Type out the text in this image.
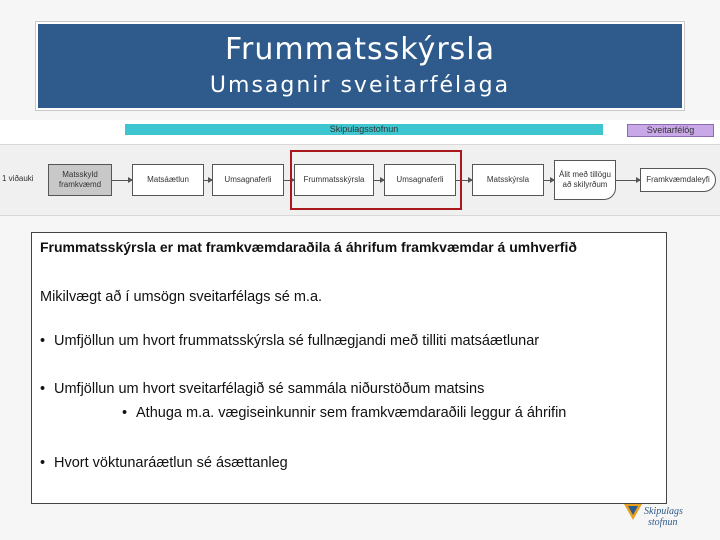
Frummatsskýrsla
Umsagnir sveitarfélaga
Skipulagsstofnun	Sveitarfélög
1 viðauki	Matsskyld framkvæmd
Matsáætlun	Umsagnaferli	Frummatsskýrsla	Umsagnaferli	Matsskýrsla
Álit með tillögu að skilyrðum
Framkvæmdaleyfi

Frummatsskýrsla er mat framkvæmdaraðila á áhrifum framkvæmdar á umhverfið

Mikilvægt að í umsögn sveitarfélags sé m.a.

• Umfjöllun um hvort frummatsskýrsla sé fullnægjandi með tilliti matsáætlunar
• Umfjöllun um hvort sveitarfélagið sé sammála niðurstöðum matsins
• Athuga m.a. vægiseinkunnir sem framkvæmdaraðili leggur á áhrifin
• Hvort vöktunaráætlun sé ásættanleg
Skipulags
stofnun
